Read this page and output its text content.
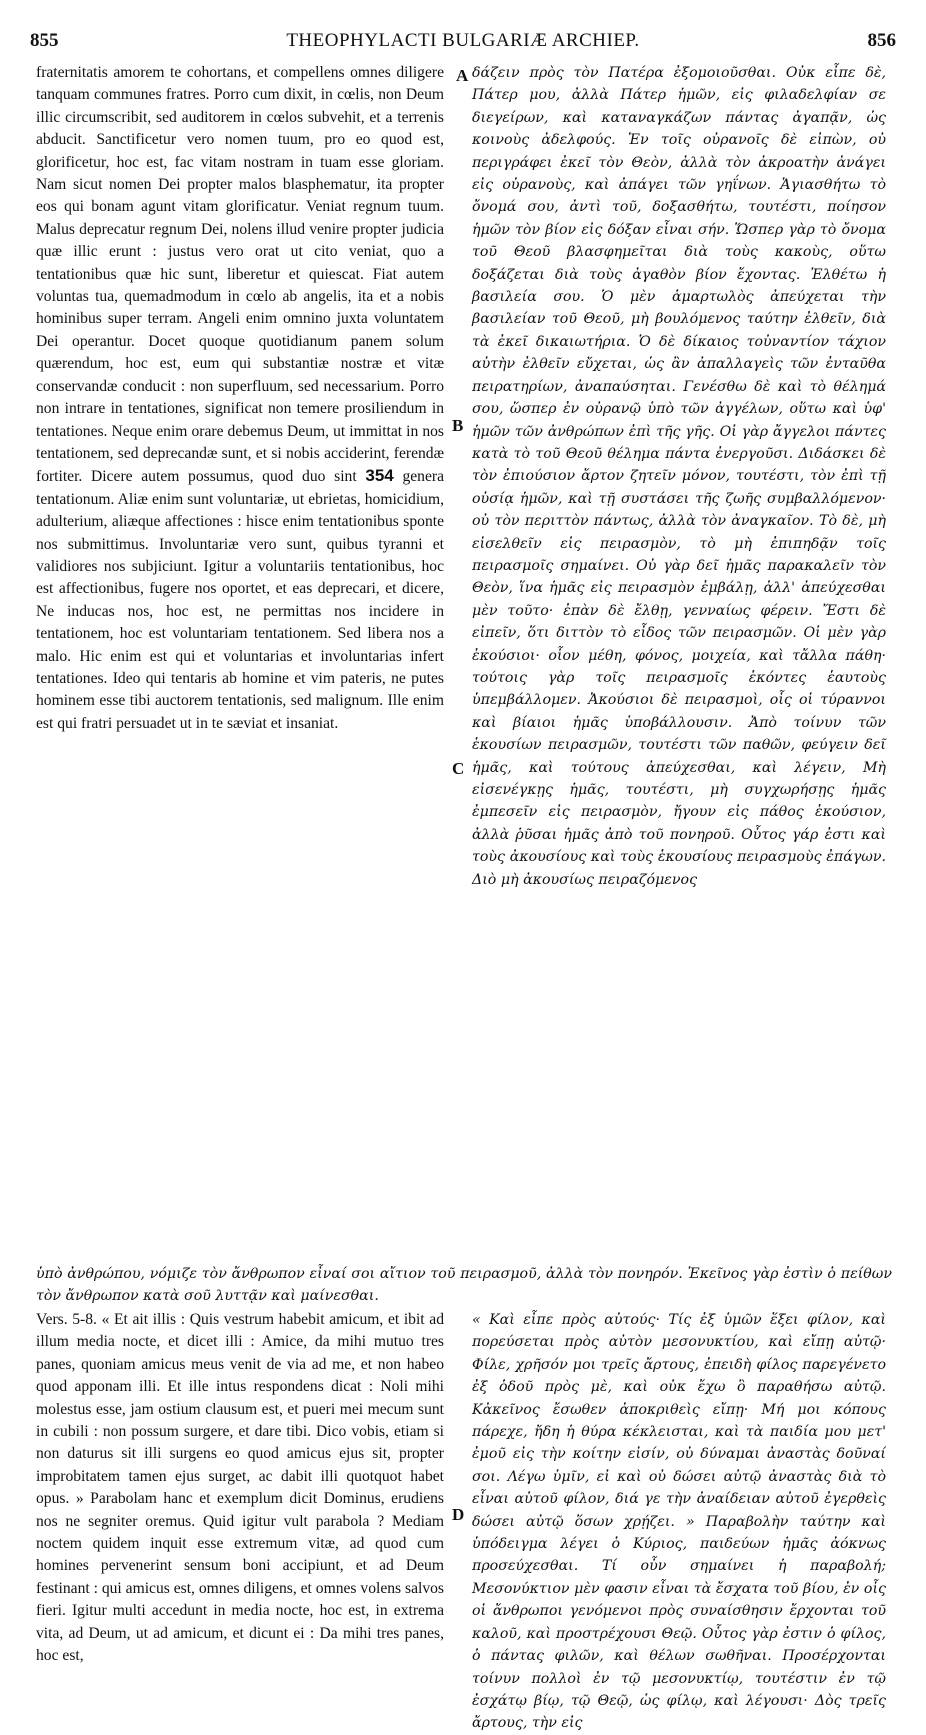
THEOPHYLACTI BULGARIÆ ARCHIEP.
855	856
A
B
C
D

fraternitatis amorem te cohortans, et compellens omnes diligere tanquam communes fratres. Porro cum dixit, in cœlis, non Deum illic circumscribit, sed auditorem in cœlos subvehit, et a terrenis abducit. Sanctificetur vero nomen tuum, pro eo quod est, glorificetur, hoc est, fac vitam nostram in tuam esse gloriam. Nam sicut nomen Dei propter malos blasphematur, ita propter eos qui bonam agunt vitam glorificatur. Veniat regnum tuum. Malus deprecatur regnum Dei, nolens illud venire propter judicia quæ illic erunt : justus vero orat ut cito veniat, quo a tentationibus quæ hic sunt, liberetur et quiescat. Fiat autem voluntas tua, quemadmodum in cœlo ab angelis, ita et a nobis hominibus super terram. Angeli enim omnino juxta voluntatem Dei operantur. Docet quoque quotidianum panem solum quærendum, hoc est, eum qui substantiæ nostræ et vitæ conservandæ conducit : non superfluum, sed necessarium. Porro non intrare in tentationes, significat non temere prosiliendum in tentationes. Neque enim orare debemus Deum, ut immittat in nos tentationem, sed deprecandæ sunt, et si nobis acciderint, ferendæ fortiter. Dicere autem possumus, quod duo sint 354 genera tentationum. Aliæ enim sunt voluntariæ, ut ebrietas, homicidium, adulterium, aliæque affectiones : hisce enim tentationibus sponte nos submittimus. Involuntariæ vero sunt, quibus tyranni et validiores nos subjiciunt. Igitur a voluntariis tentationibus, hoc est affectionibus, fugere nos oportet, et eas deprecari, et dicere, Ne inducas nos, hoc est, ne permittas nos incidere in tentationem, hoc est voluntariam tentationem. Sed libera nos a malo. Hic enim est qui et voluntarias et involuntarias infert tentationes. Ideo qui tentaris ab homine et vim pateris, ne putes hominem esse tibi auctorem tentationis, sed malignum. Ille enim est qui fratri persuadet ut in te sæviat et insaniat.

δάζειν πρὸς τὸν Πατέρα ἐξομοιοῦσθαι. Οὐκ εἶπε δὲ, Πάτερ μου, ἀλλὰ Πάτερ ἡμῶν, εἰς φιλαδελφίαν σε διεγείρων, καὶ καταναγκάζων πάντας ἀγαπᾷν, ὡς κοινοὺς ἀδελφούς. Ἐν τοῖς οὐρανοῖς δὲ εἰπὼν, οὐ περιγράφει ἐκεῖ τὸν Θεὸν, ἀλλὰ τὸν ἀκροατὴν ἀνάγει εἰς οὐρανοὺς, καὶ ἀπάγει τῶν γηΐνων. Ἁγιασθήτω τὸ ὄνομά σου, ἀντὶ τοῦ, δοξασθήτω, τουτέστι, ποίησον ἡμῶν τὸν βίον εἰς δόξαν εἶναι σήν. Ὥσπερ γὰρ τὸ ὄνομα τοῦ Θεοῦ βλασφημεῖται διὰ τοὺς κακοὺς, οὕτω δοξάζεται διὰ τοὺς ἀγαθὸν βίον ἔχοντας. Ἐλθέτω ἡ βασιλεία σου. Ὁ μὲν ἁμαρτωλὸς ἀπεύχεται τὴν βασιλείαν τοῦ Θεοῦ, μὴ βουλόμενος ταύτην ἐλθεῖν, διὰ τὰ ἐκεῖ δικαιωτήρια. Ὁ δὲ δίκαιος τοὐναντίον τάχιον αὐτὴν ἐλθεῖν εὔχεται, ὡς ἂν ἀπαλλαγεὶς τῶν ἐνταῦθα πειρατηρίων, ἀναπαύσηται. Γενέσθω δὲ καὶ τὸ θέλημά σου, ὥσπερ ἐν οὐρανῷ ὑπὸ τῶν ἀγγέλων, οὕτω καὶ ὑφ' ἡμῶν τῶν ἀνθρώπων ἐπὶ τῆς γῆς. Οἱ γὰρ ἄγγελοι πάντες κατὰ τὸ τοῦ Θεοῦ θέλημα πάντα ἐνεργοῦσι. Διδάσκει δὲ τὸν ἐπιούσιον ἄρτον ζητεῖν μόνον, τουτέστι, τὸν ἐπὶ τῇ οὐσίᾳ ἡμῶν, καὶ τῇ συστάσει τῆς ζωῆς συμβαλλόμενον· οὐ τὸν περιττὸν πάντως, ἀλλὰ τὸν ἀναγκαῖον. Τὸ δὲ, μὴ εἰσελθεῖν εἰς πειρασμὸν, τὸ μὴ ἐπιπηδᾷν τοῖς πειρασμοῖς σημαίνει. Οὐ γὰρ δεῖ ἡμᾶς παρακαλεῖν τὸν Θεὸν, ἵνα ἡμᾶς εἰς πειρασμὸν ἐμβάλῃ, ἀλλ' ἀπεύχεσθαι μὲν τοῦτο· ἐπὰν δὲ ἔλθῃ, γενναίως φέρειν. Ἔστι δὲ εἰπεῖν, ὅτι διττὸν τὸ εἶδος τῶν πειρασμῶν. Οἱ μὲν γὰρ ἑκούσιοι· οἷον μέθη, φόνος, μοιχεία, καὶ τἄλλα πάθη· τούτοις γὰρ τοῖς πειρασμοῖς ἑκόντες ἑαυτοὺς ὑπεμβάλλομεν. Ἀκούσιοι δὲ πειρασμοὶ, οἷς οἱ τύραννοι καὶ βίαιοι ἡμᾶς ὑποβάλλουσιν. Ἀπὸ τοίνυν τῶν ἑκουσίων πειρασμῶν, τουτέστι τῶν παθῶν, φεύγειν δεῖ ἡμᾶς, καὶ τούτους ἀπεύχεσθαι, καὶ λέγειν, Μὴ εἰσενέγκῃς ἡμᾶς, τουτέστι, μὴ συγχωρήσῃς ἡμᾶς ἐμπεσεῖν εἰς πειρασμὸν, ἤγουν εἰς πάθος ἑκούσιον, ἀλλὰ ῥῦσαι ἡμᾶς ἀπὸ τοῦ πονηροῦ. Οὗτος γάρ ἐστι καὶ τοὺς ἀκουσίους καὶ τοὺς ἑκουσίους πειρασμοὺς ἐπάγων. Διὸ μὴ ἀκουσίως πειραζόμενος

ὑπὸ ἀνθρώπου, νόμιζε τὸν ἄνθρωπον εἶναί σοι αἴτιον τοῦ πειρασμοῦ, ἀλλὰ τὸν πονηρόν. Ἐκεῖνος γὰρ ἐστὶν ὁ πείθων τὸν ἄνθρωπον κατὰ σοῦ λυττᾷν καὶ μαίνεσθαι.

Vers. 5-8. « Et ait illis : Quis vestrum habebit amicum, et ibit ad illum media nocte, et dicet illi : Amice, da mihi mutuo tres panes, quoniam amicus meus venit de via ad me, et non habeo quod apponam illi. Et ille intus respondens dicat : Noli mihi molestus esse, jam ostium clausum est, et pueri mei mecum sunt in cubili : non possum surgere, et dare tibi. Dico vobis, etiam si non daturus sit illi surgens eo quod amicus ejus sit, propter improbitatem tamen ejus surget, ac dabit illi quotquot habet opus. » Parabolam hanc et exemplum dicit Dominus, erudiens nos ne segniter oremus. Quid igitur vult parabola ? Mediam noctem quidem inquit esse extremum vitæ, ad quod cum homines pervenerint sensum boni accipiunt, et ad Deum festinant : qui amicus est, omnes diligens, et omnes volens salvos fieri. Igitur multi accedunt in media nocte, hoc est, in extrema vita, ad Deum, ut ad amicum, et dicunt ei : Da mihi tres panes, hoc est,

« Καὶ εἶπε πρὸς αὐτούς· Τίς ἐξ ὑμῶν ἕξει φίλον, καὶ πορεύσεται πρὸς αὐτὸν μεσονυκτίου, καὶ εἴπῃ αὐτῷ· Φίλε, χρῆσόν μοι τρεῖς ἄρτους, ἐπειδὴ φίλος παρεγένετο ἐξ ὁδοῦ πρὸς μὲ, καὶ οὐκ ἔχω ὃ παραθήσω αὐτῷ. Κἀκεῖνος ἔσωθεν ἀποκριθεὶς εἴπῃ· Μή μοι κόπους πάρεχε, ἤδη ἡ θύρα κέκλεισται, καὶ τὰ παιδία μου μετ' ἐμοῦ εἰς τὴν κοίτην εἰσίν, οὐ δύναμαι ἀναστὰς δοῦναί σοι. Λέγω ὑμῖν, εἰ καὶ οὐ δώσει αὐτῷ ἀναστὰς διὰ τὸ εἶναι αὐτοῦ φίλον, διά γε τὴν ἀναίδειαν αὐτοῦ ἐγερθεὶς δώσει αὐτῷ ὅσων χρῄζει. » Παραβολὴν ταύτην καὶ ὑπόδειγμα λέγει ὁ Κύριος, παιδεύων ἡμᾶς ἀόκνως προσεύχεσθαι. Τί οὖν σημαίνει ἡ παραβολή; Μεσονύκτιον μὲν φασιν εἶναι τὰ ἔσχατα τοῦ βίου, ἐν οἷς οἱ ἄνθρωποι γενόμενοι πρὸς συναίσθησιν ἔρχονται τοῦ καλοῦ, καὶ προστρέχουσι Θεῷ. Οὗτος γὰρ ἐστιν ὁ φίλος, ὁ πάντας φιλῶν, καὶ θέλων σωθῆναι. Προσέρχονται τοίνυν πολλοὶ ἐν τῷ μεσονυκτίῳ, τουτέστιν ἐν τῷ ἐσχάτῳ βίῳ, τῷ Θεῷ, ὡς φίλῳ, καὶ λέγουσι· Δὸς τρεῖς ἄρτους, τὴν εἰς
